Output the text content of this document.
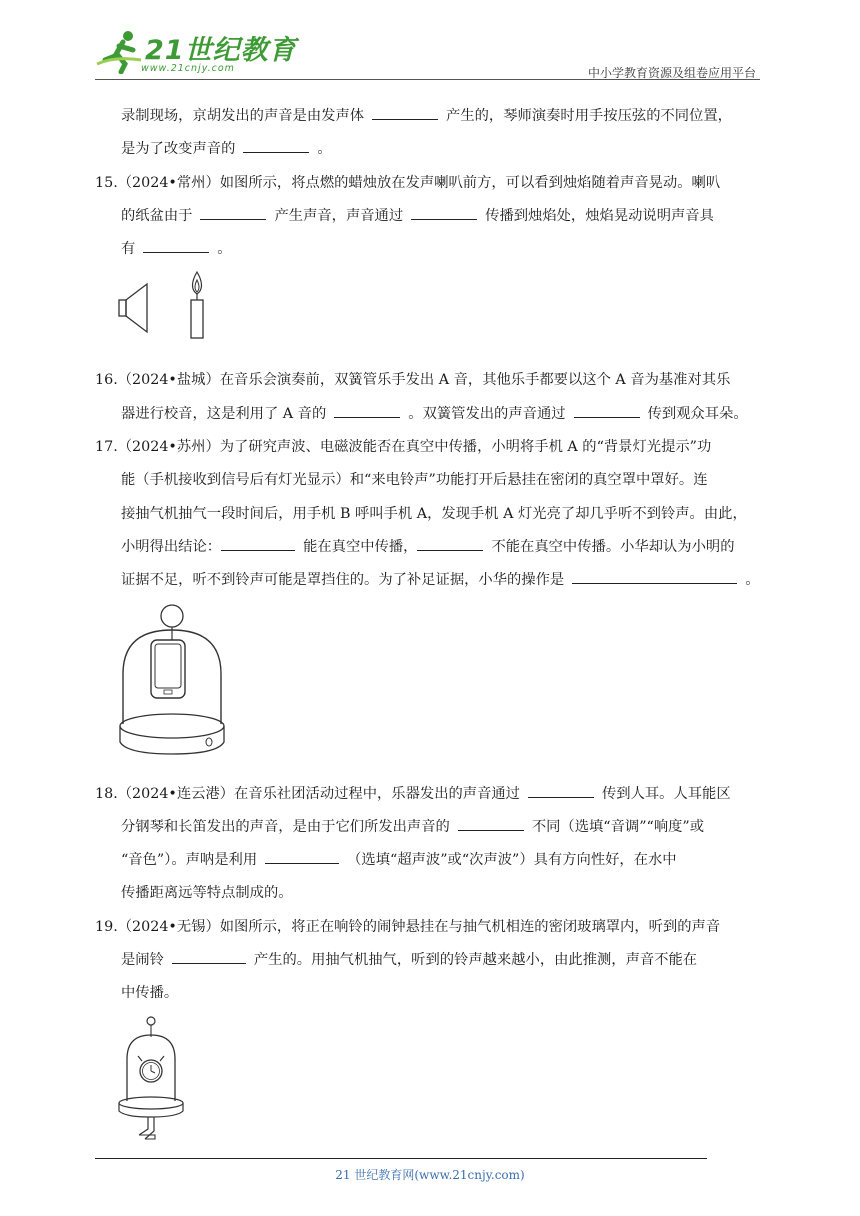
21世纪教育
www.21cnjy.com	中小学教育资源及组卷应用平台

录制现场，京胡发出的声音是由发声体	产生的，琴师演奏时用手按压弦的不同位置，

是为了改变声音的	。

15.（2024•常州）如图所示，将点燃的蜡烛放在发声喇叭前方，可以看到烛焰随着声音晃动。喇叭

的纸盆由于	产生声音，声音通过	传播到烛焰处，烛焰晃动说明声音具

有	。

16.（2024•盐城）在音乐会演奏前，双簧管乐手发出 A 音，其他乐手都要以这个 A 音为基准对其乐

器进行校音，这是利用了 A 音的	。双簧管发出的声音通过	传到观众耳朵。

17.（2024•苏州）为了研究声波、电磁波能否在真空中传播，小明将手机 A 的“背景灯光提示”功

能（手机接收到信号后有灯光显示）和“来电铃声”功能打开后悬挂在密闭的真空罩中罩好。连

接抽气机抽气一段时间后，用手机 B 呼叫手机 A，发现手机 A 灯光亮了却几乎听不到铃声。由此，

小明得出结论：	能在真空中传播，	不能在真空中传播。小华却认为小明的

证据不足，听不到铃声可能是罩挡住的。为了补足证据，小华的操作是	。

18.（2024•连云港）在音乐社团活动过程中，乐器发出的声音通过	传到人耳。人耳能区

分钢琴和长笛发出的声音，是由于它们所发出声音的	不同（选填“音调”“响度”或

“音色”）。声呐是利用	（选填“超声波”或“次声波”）具有方向性好，在水中

传播距离远等特点制成的。

19.（2024•无锡）如图所示，将正在响铃的闹钟悬挂在与抽气机相连的密闭玻璃罩内，听到的声音

是闹铃	产生的。用抽气机抽气，听到的铃声越来越小，由此推测，声音不能在

中传播。

21 世纪教育网(www.21cnjy.com)
